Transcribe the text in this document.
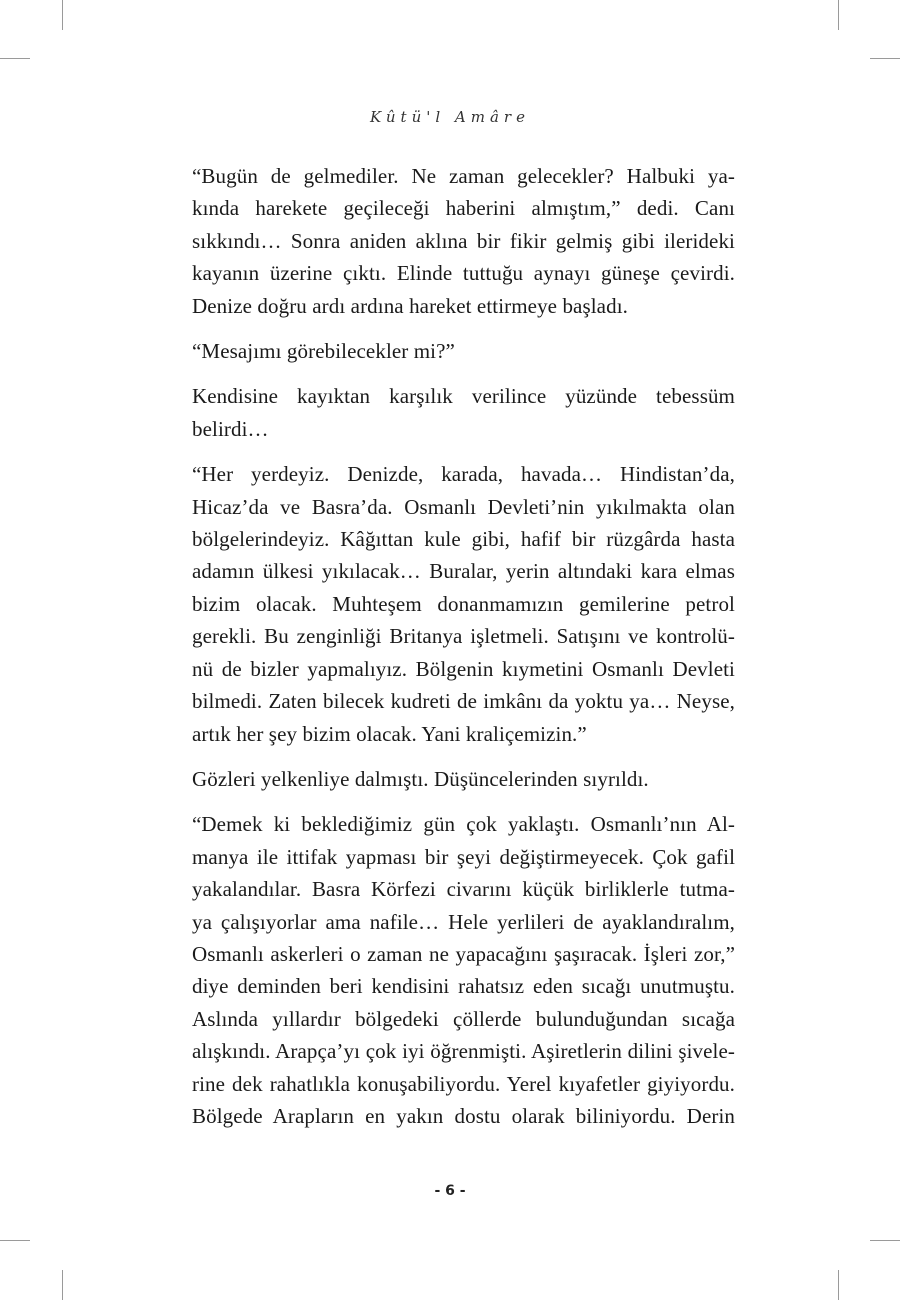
Kûtü'l Amâre

“Bugün de gelmediler. Ne zaman gelecekler? Halbuki ya-
kında harekete geçileceği haberini almıştım,” dedi. Canı
sıkkındı… Sonra aniden aklına bir fikir gelmiş gibi ilerideki
kayanın üzerine çıktı. Elinde tuttuğu aynayı güneşe çevirdi.
Denize doğru ardı ardına hareket ettirmeye başladı.

“Mesajımı görebilecekler mi?”

Kendisine kayıktan karşılık verilince yüzünde tebessüm
belirdi…

“Her yerdeyiz. Denizde, karada, havada… Hindistan’da,
Hicaz’da ve Basra’da. Osmanlı Devleti’nin yıkılmakta olan
bölgelerindeyiz. Kâğıttan kule gibi, hafif bir rüzgârda hasta
adamın ülkesi yıkılacak… Buralar, yerin altındaki kara elmas
bizim olacak. Muhteşem donanmamızın gemilerine petrol
gerekli. Bu zenginliği Britanya işletmeli. Satışını ve kontrolü-
nü de bizler yapmalıyız. Bölgenin kıymetini Osmanlı Devleti
bilmedi. Zaten bilecek kudreti de imkânı da yoktu ya… Neyse,
artık her şey bizim olacak. Yani kraliçemizin.”

Gözleri yelkenliye dalmıştı. Düşüncelerinden sıyrıldı.

“Demek ki beklediğimiz gün çok yaklaştı. Osmanlı’nın Al-
manya ile ittifak yapması bir şeyi değiştirmeyecek. Çok gafil
yakalandılar. Basra Körfezi civarını küçük birliklerle tutma-
ya çalışıyorlar ama nafile… Hele yerlileri de ayaklandıralım,
Osmanlı askerleri o zaman ne yapacağını şaşıracak. İşleri zor,”
diye deminden beri kendisini rahatsız eden sıcağı unutmuştu.
Aslında yıllardır bölgedeki çöllerde bulunduğundan sıcağa
alışkındı. Arapça’yı çok iyi öğrenmişti. Aşiretlerin dilini şivele-
rine dek rahatlıkla konuşabiliyordu. Yerel kıyafetler giyiyordu.
Bölgede Arapların en yakın dostu olarak biliniyordu. Derin

- 6 -
